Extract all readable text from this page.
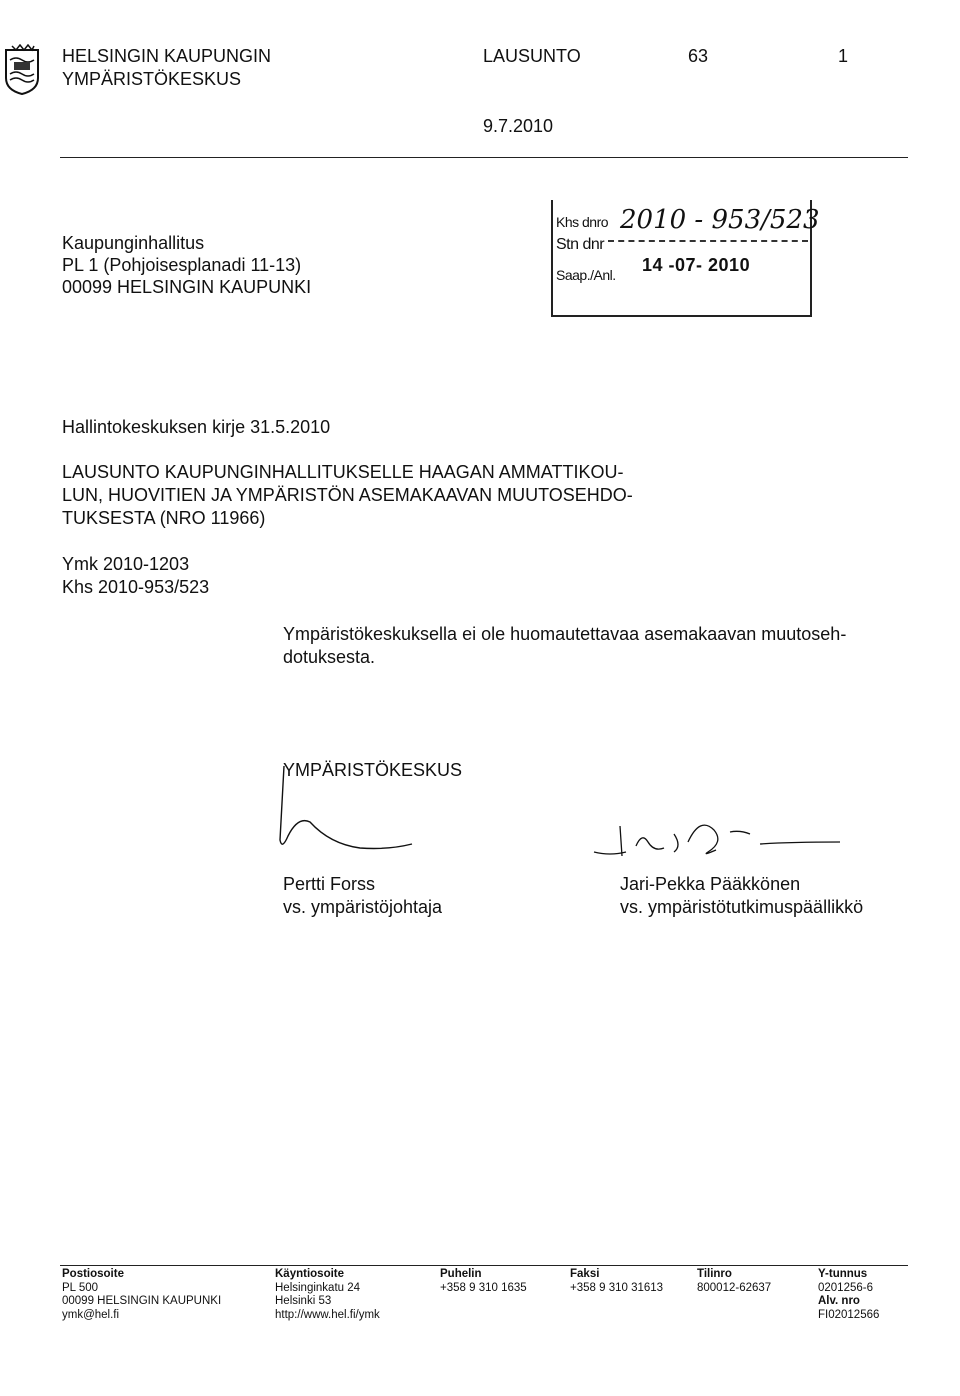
HELSINGIN KAUPUNGIN
YMPÄRISTÖKESKUS
LAUSUNTO	63	1
9.7.2010
Kaupunginhallitus
PL 1 (Pohjoisesplanadi 11-13)
00099 HELSINGIN KAUPUNKI
Khs dnro 2010 - 953/523
Stn dnr
Saap./Anl. 14 -07- 2010
Hallintokeskuksen kirje 31.5.2010
LAUSUNTO KAUPUNGINHALLITUKSELLE HAAGAN AMMATTIKOU-
LUN, HUOVITIEN JA YMPÄRISTÖN ASEMAKAAVAN MUUTOSEHDO-
TUKSESTA (NRO 11966)
Ymk 2010-1203
Khs 2010-953/523
Ympäristökeskuksella ei ole huomautettavaa asemakaavan muutoseh-
dotuksesta.
YMPÄRISTÖKESKUS
Pertti Forss
vs. ympäristöjohtaja
Jari-Pekka Pääkkönen
vs. ympäristötutkimuspäällikkö
Postiosoite
PL 500
00099 HELSINGIN KAUPUNKI
ymk@hel.fi
Käyntiosoite
Helsinginkatu 24
Helsinki 53
http://www.hel.fi/ymk
Puhelin
+358 9 310 1635
Faksi
+358 9 310 31613
Tilinro
800012-62637
Y-tunnus
0201256-6
Alv. nro
FI02012566
